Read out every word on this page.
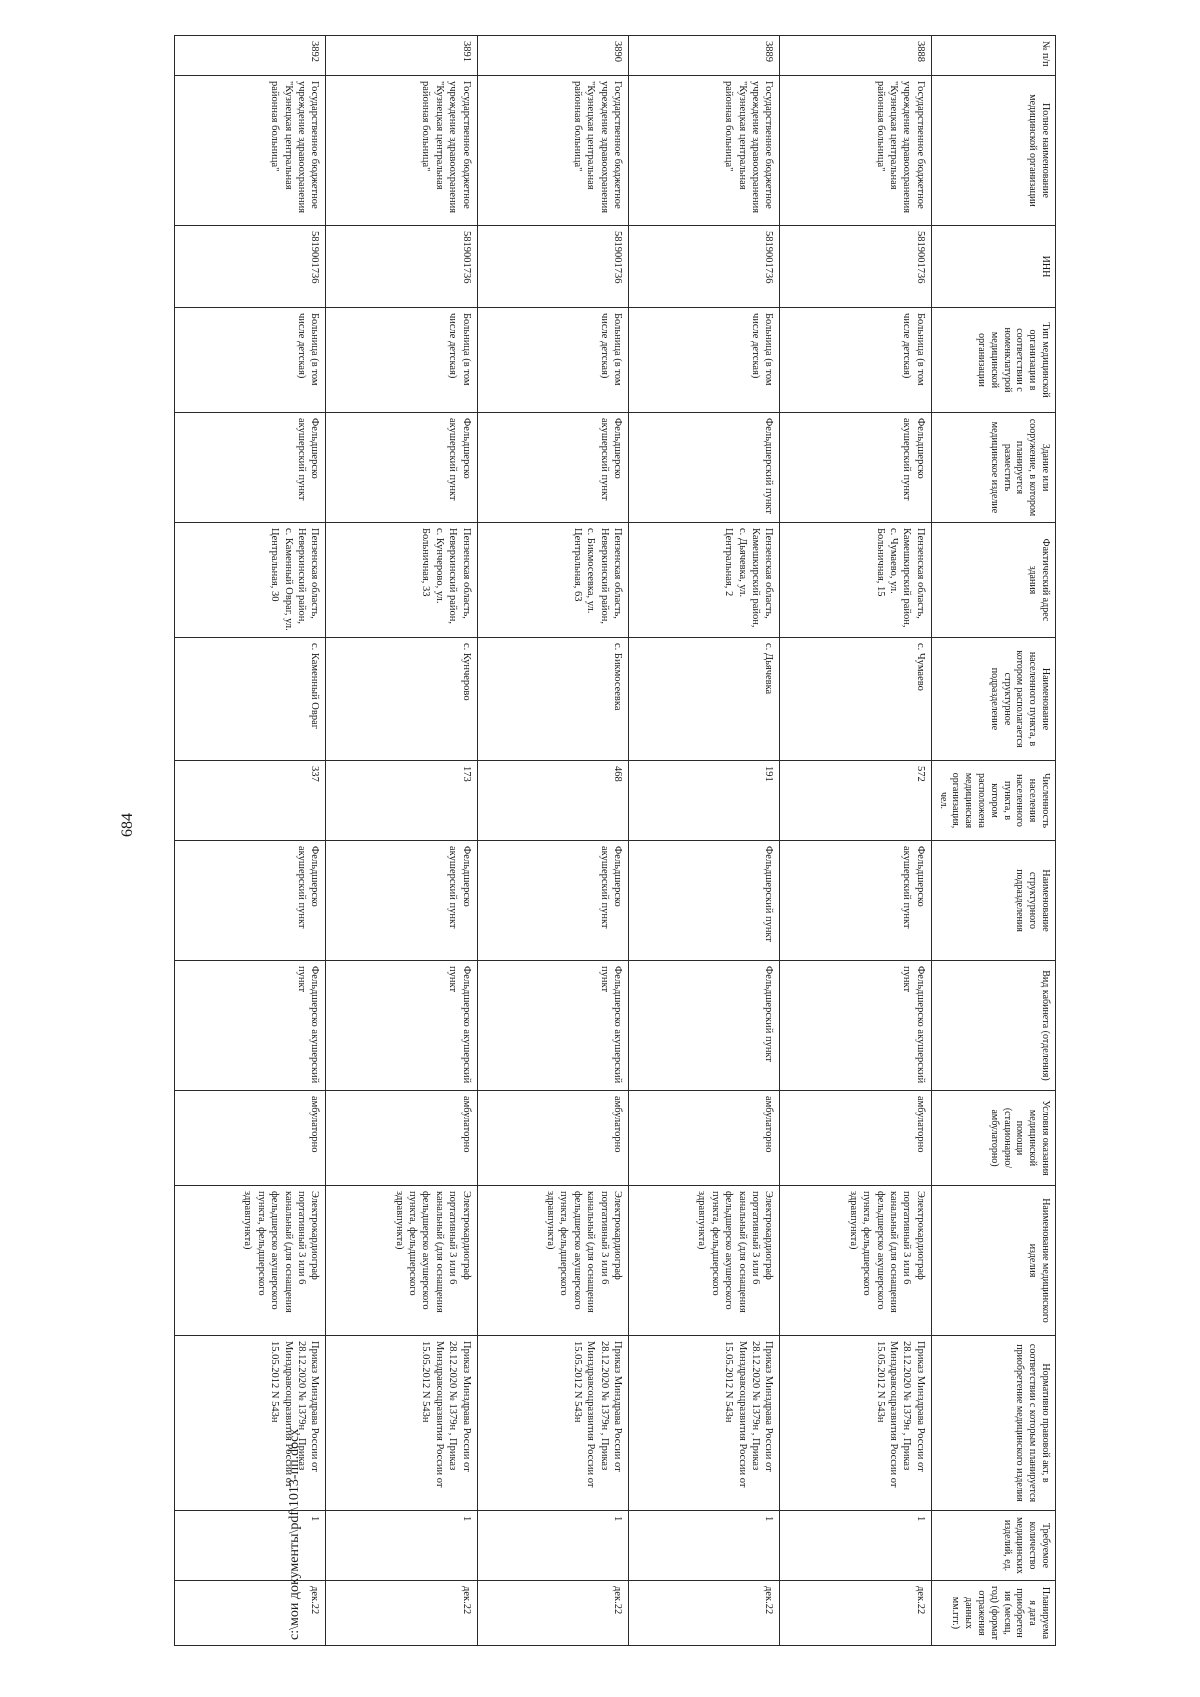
684
№ п/п	Полное наименование медицинской организации	ИНН	Тип медицинской организации в соответствии с номенклатурой медицинской организации	Здание или сооружение, в котором планируется разместить медицинское изделие	Фактический адрес здания	Наименование населенного пункта, в котором располагается структурное подразделение	Численность населения населенного пункта, в котором расположена медицинская организация, чел.	Наименование структурного подразделения	Вид кабинета (отделения)	Условия оказания медицинской помощи (стационарно/ амбулаторно)	Наименование медицинского изделия	Нормативно правовой акт, в соответствии с которым планируется приобретение медицинского изделия	Требуемое количество медицинских изделий, ед.	Планируемая дата приобретения (месяц, год) (формат отражения данных мм.ггг.)
3888	Государственное бюджетное учреждение здравоохранения "Кузнецкая центральная районная больница"	5819001736	Больница (в том числе детская)	Фельдшерско акушерский пункт	Пензенская область, Камешкирский район, с. Чумаево, ул. Больничная, 15	с. Чумаево	572	Фельдшерско акушерский пункт	Фельдшерско акушерский пункт	амбулаторно	Электрокардиограф портативный 3 или 6 канальный (для оснащения фельдшерско акушерского пункта, фельдшерского здравпункта)	Приказ Минздрава России от 28.12.2020 № 1379н , Приказ Минздравсоцразвития России от 15.05.2012 N 543н	1	дек.22
3889	Государственное бюджетное учреждение здравоохранения "Кузнецкая центральная районная больница"	5819001736	Больница (в том числе детская)	Фельдшерский пункт	Пензенская область, Камешкирский район, с. Дьячевка, ул. Центральная, 2	с. Дьячевка	191	Фельдшерский пункт	Фельдшерский пункт	амбулаторно	Электрокардиограф портативный 3 или 6 канальный (для оснащения фельдшерско акушерского пункта, фельдшерского здравпункта)	Приказ Минздрава России от 28.12.2020 № 1379н , Приказ Минздравсоцразвития России от 15.05.2012 N 543н	1	дек.22
3890	Государственное бюджетное учреждение здравоохранения "Кузнецкая центральная районная больница"	5819001736	Больница (в том числе детская)	Фельдшерско акушерский пункт	Пензенская область, Неверкинский район, с. Бикмосеевка, ул. Центральная, 63	с. Бикмосеевка	468	Фельдшерско акушерский пункт	Фельдшерско акушерский пункт	амбулаторно	Электрокардиограф портативный 3 или 6 канальный (для оснащения фельдшерско акушерского пункта, фельдшерского здравпункта)	Приказ Минздрава России от 28.12.2020 № 1379н , Приказ Минздравсоцразвития России от 15.05.2012 N 543н	1	дек.22
3891	Государственное бюджетное учреждение здравоохранения "Кузнецкая центральная районная больница"	5819001736	Больница (в том числе детская)	Фельдшерско акушерский пункт	Пензенская область, Неверкинский район, с. Кунчерово, ул. Больничная, 33	с. Кунчерово	173	Фельдшерско акушерский пункт	Фельдшерско акушерский пункт	амбулаторно	Электрокардиограф портативный 3 или 6 канальный (для оснащения фельдшерско акушерского пункта, фельдшерского здравпункта)	Приказ Минздрава России от 28.12.2020 № 1379н , Приказ Минздравсоцразвития России от 15.05.2012 N 543н	1	дек.22
3892	Государственное бюджетное учреждение здравоохранения "Кузнецкая центральная районная больница"	5819001736	Больница (в том числе детская)	Фельдшерско акушерский пункт	Пензенская область, Неверкинский район, с. Каменный Овраг, ул. Центральная, 30	с. Каменный Овраг	337	Фельдшерско акушерский пункт	Фельдшерско акушерский пункт	амбулаторно	Электрокардиограф портативный 3 или 6 канальный (для оснащения фельдшерско акушерского пункта, фельдшерского здравпункта)	Приказ Минздрава России от 28.12.2020 № 1379н , Приказ Минздравсоцразвития России от 15.05.2012 N 543н	1	дек.22
c:\мои документы\pdf\1013-пп.docx
